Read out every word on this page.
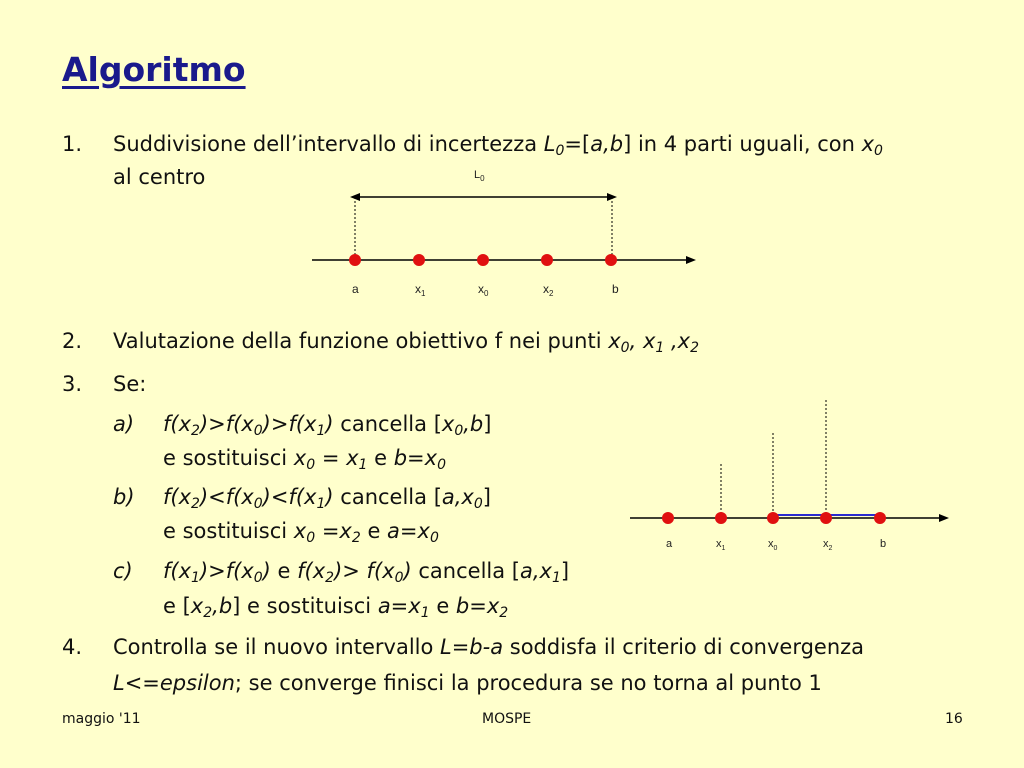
Algoritmo
1. Suddivisione dell’intervallo di incertezza $L_0=[a,b]$ in 4 parti uguali, con $x_0$
al centro	$L_0$
a	$x_1$	$x_0$	$x_2$	b
2. Valutazione della funzione obiettivo f nei punti $x_0$, $x_1$ $,x_2$
3. Se:
a) $f(x_2)>f(x_0)>f(x_1)$ cancella $[x_0,b]$
e sostituisci $x_0 = x_1$ e $b=x_0$
b) $f(x_2)<f(x_0)<f(x_1)$ cancella $[a,x_0]$
e sostituisci $x_0 =x_2$ e $a=x_0$	a	$x_1$	$x_0$	$x_2$	b
c) $f(x_1)>f(x_0)$ e $f(x_2)> f(x_0)$ cancella $[a,x_1]$
e $[x_2,b]$ e sostituisci $a=x_1$ e $b=x_2$
4. Controlla se il nuovo intervallo L=b-a soddisfa il criterio di convergenza
L<=epsilon; se converge finisci la procedura se no torna al punto 1
maggio '11	MOSPE	16
